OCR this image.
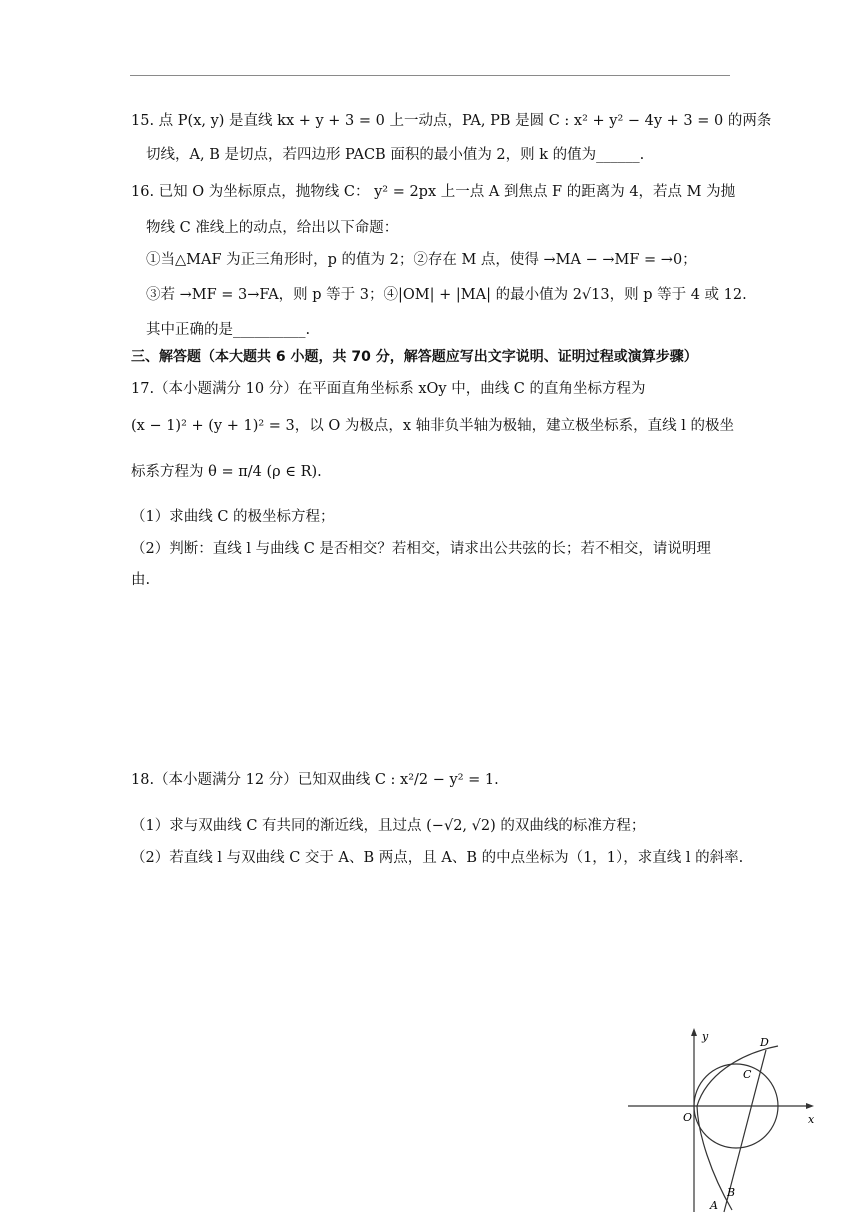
15. 点 P(x, y) 是直线 kx + y + 3 = 0 上一动点，PA, PB 是圆 C : x² + y² − 4y + 3 = 0 的两条
切线，A, B 是切点，若四边形 PACB 面积的最小值为 2，则 k 的值为______.
16. 已知 O 为坐标原点，抛物线 C： y² = 2px 上一点 A 到焦点 F 的距离为 4，若点 M 为抛
物线 C 准线上的动点，给出以下命题：
①当△MAF 为正三角形时，p 的值为 2；②存在 M 点，使得 →MA − →MF = →0；
③若 →MF = 3→FA，则 p 等于 3；④|OM| + |MA| 的最小值为 2√13，则 p 等于 4 或 12.
其中正确的是__________.
三、解答题（本大题共 6 小题，共 70 分，解答题应写出文字说明、证明过程或演算步骤）
17.（本小题满分 10 分）在平面直角坐标系 xOy 中，曲线 C 的直角坐标方程为
(x − 1)² + (y + 1)² = 3，以 O 为极点，x 轴非负半轴为极轴，建立极坐标系，直线 l 的极坐
标系方程为 θ = π/4 (ρ ∈ R).
（1）求曲线 C 的极坐标方程；
（2）判断：直线 l 与曲线 C 是否相交？若相交，请求出公共弦的长；若不相交，请说明理
由.
18.（本小题满分 12 分）已知双曲线 C : x²/2 − y² = 1.
（1）求与双曲线 C 有共同的渐近线，且过点 (−√2, √2) 的双曲线的标准方程；
（2）若直线 l 与双曲线 C 交于 A、B 两点，且 A、B 的中点坐标为（1，1），求直线 l 的斜率.
y
x
O
D
C
B
A
